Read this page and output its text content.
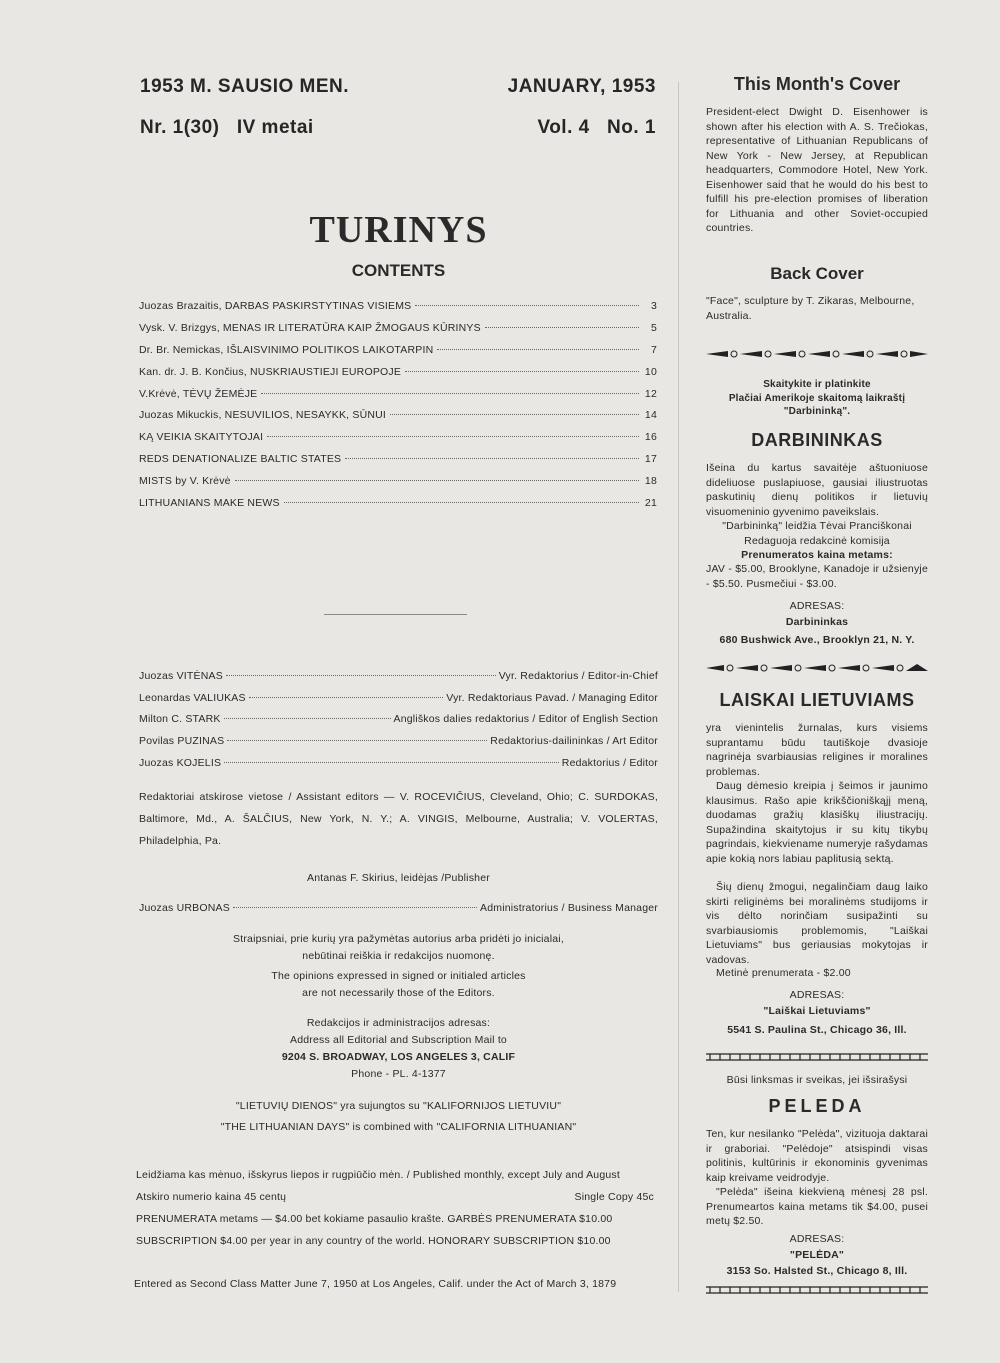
1953 M. SAUSIO MEN.
Nr. 1(30)   IV metai
JANUARY, 1953
Vol. 4   No. 1
TURINYS
CONTENTS
Juozas Brazaitis, DARBAS PASKIRSTYTINAS VISIEMS	3
Vysk. V. Brizgys, MENAS IR LITERATŪRA KAIP ŽMOGAUS KŪRINYS	5
Dr. Br. Nemickas, IŠLAISVINIMO POLITIKOS LAIKOTARPIN	7
Kan. dr. J. B. Končius, NUSKRIAUSTIEJI EUROPOJE	10
V.Krėvė, TĖVŲ ŽEMĖJE	12
Juozas Mikuckis, NESUVILIOS, NESAYKK, SŪNUI	14
KĄ VEIKIA SKAITYTOJAI	16
REDS DENATIONALIZE BALTIC STATES	17
MISTS by V. Krėvė	18
LITHUANIANS MAKE NEWS	21
Juozas VITĖNAS	Vyr. Redaktorius / Editor-in-Chief
Leonardas VALIUKAS	Vyr. Redaktoriaus Pavad. / Managing Editor
Milton C. STARK	Angliškos dalies redaktorius / Editor of English Section
Povilas PUZINAS	Redaktorius-dailininkas / Art Editor
Juozas KOJELIS	Redaktorius / Editor
Redaktoriai atskirose vietose / Assistant editors — V. ROCEVIČIUS, Cleveland, Ohio; C. SURDOKAS, Baltimore, Md., A. ŠALČIUS, New York, N. Y.; A. VINGIS, Melbourne, Australia; V. VOLERTAS, Philadelphia, Pa.
Antanas F. Skirius, leidėjas /Publisher
Juozas URBONAS	Administratorius / Business Manager
Straipsniai, prie kurių yra pažymėtas autorius arba pridėti jo inicialai,
nebūtinai reiškia ir redakcijos nuomonę.
The opinions expressed in signed or initialed articles
are not necessarily those of the Editors.
Redakcijos ir administracijos adresas:
Address all Editorial and Subscription Mail to
9204 S. BROADWAY, LOS ANGELES 3, CALIF
Phone - PL. 4-1377
"LIETUVIŲ DIENOS" yra sujungtos su "KALIFORNIJOS LIETUVIU"
"THE LITHUANIAN DAYS" is combined with "CALIFORNIA LITHUANIAN"
Leidžiama kas mėnuo, išskyrus liepos ir rugpiūčio mėn. / Published monthly, except July and August
Atskiro numerio kaina 45 centų	Single Copy 45c
PRENUMERATA metams — $4.00 bet kokiame pasaulio krašte. GARBĖS PRENUMERATA $10.00
SUBSCRIPTION $4.00 per year in any country of the world. HONORARY SUBSCRIPTION $10.00
Entered as Second Class Matter June 7, 1950 at Los Angeles, Calif. under the Act of March 3, 1879
This Month's Cover
President-elect Dwight D. Eisenhower is shown after his election with A. S. Trečiokas, representative of Lithuanian Republicans of New York - New Jersey, at Republican headquarters, Commodore Hotel, New York. Eisenhower said that he would do his best to fulfill his pre-election promises of liberation for Lithuania and other Soviet-occupied countries.
Back Cover
"Face", sculpture by T. Zikaras, Melbourne, Australia.
Skaitykite ir platinkite
Plačiai Amerikoje skaitomą laikraštį
"Darbininką".
DARBININKAS
Išeina du kartus savaitėje aštuoniuose dideliuose puslapiuose, gausiai iliustruotas paskutinių dienų politikos ir lietuvių visuomeninio gyvenimo paveikslais.
"Darbininką" leidžia Tėvai Pranciškonai
Redaguoja redakcinė komisija
Prenumeratos kaina metams:
JAV - $5.00, Brooklyne, Kanadoje ir užsienyje - $5.50. Pusmečiui - $3.00.
ADRESAS:
Darbininkas
680 Bushwick Ave., Brooklyn 21, N. Y.
LAISKAI LIETUVIAMS
yra vienintelis žurnalas, kurs visiems suprantamu būdu tautiškoje dvasioje nagrinėja svarbiausias religines ir moralines problemas.
Daug dėmesio kreipia į šeimos ir jaunimo klausimus. Rašo apie krikščioniškąjį meną, duodamas gražių klasiškų iliustracijų. Supažindina skaitytojus ir su kitų tikybų pagrindais, kiekviename numeryje rašydamas apie kokią nors labiau paplitusią sektą.
Šių dienų žmogui, negalinčiam daug laiko skirti religinėms bei moralinėms studijoms ir vis dėlto norinčiam susipažinti su svarbiausiomis problemomis, "Laiškai Lietuviams" bus geriausias mokytojas ir vadovas.
Metinė prenumerata - $2.00
ADRESAS:
"Laiškai Lietuviams"
5541 S. Paulina St., Chicago 36, Ill.
Būsi linksmas ir sveikas, jei išsirašysi
PELEDA
Ten, kur nesilanko "Pelėda", vizituoja daktarai ir graboriai. "Pelėdoje" atsispindi visas politinis, kultūrinis ir ekonominis gyvenimas kaip kreivame veidrodyje.
"Pelėda" išeina kiekvieną mėnesį 28 psl. Prenumeartos kaina metams tik $4.00, pusei metų $2.50.
ADRESAS:
"PELĖDA"
3153 So. Halsted St., Chicago 8, Ill.
